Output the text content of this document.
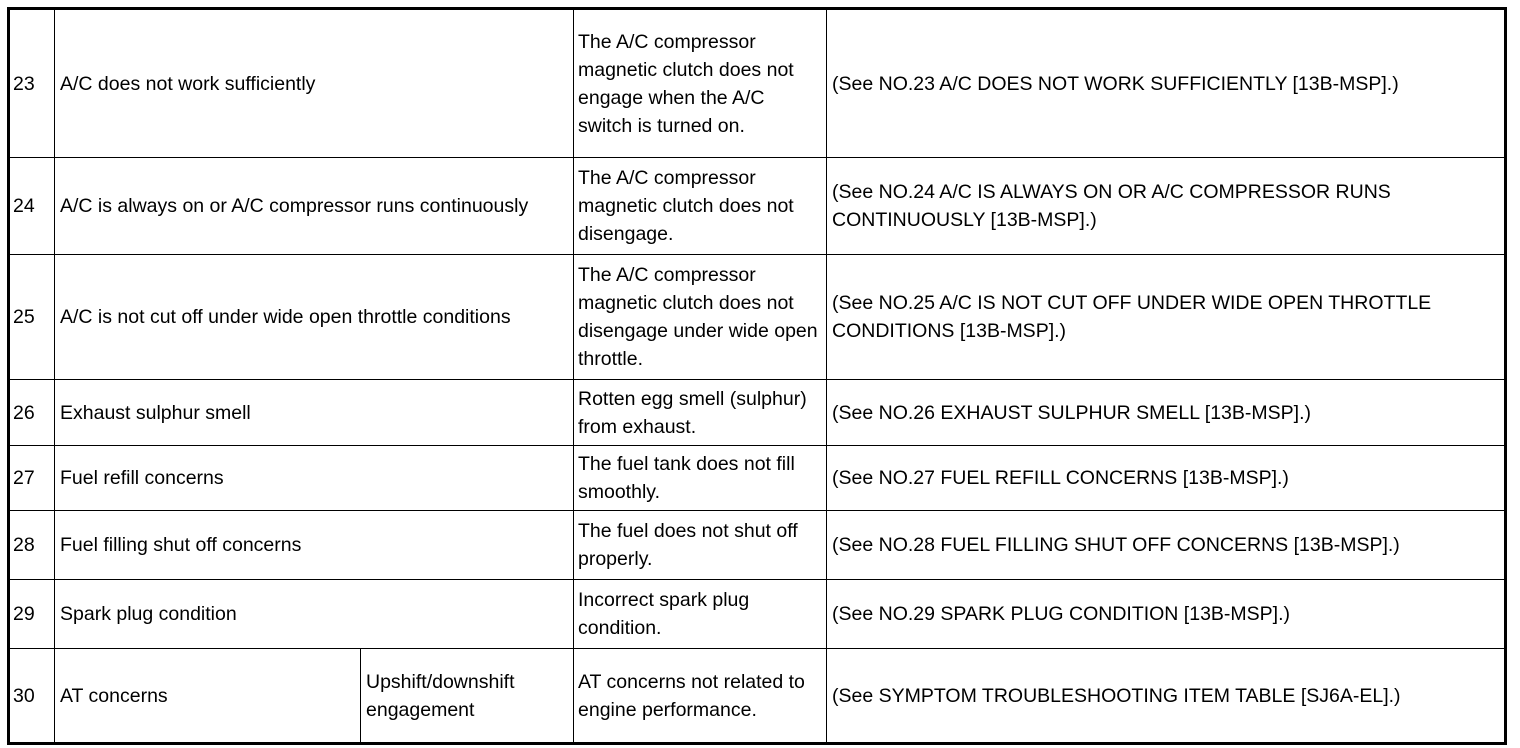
23	A/C does not work sufficiently		The A/C compressor magnetic clutch does not engage when the A/C switch is turned on.	(See NO.23 A/C DOES NOT WORK SUFFICIENTLY [13B-MSP].)
24	A/C is always on or A/C compressor runs continuously		The A/C compressor magnetic clutch does not disengage.	(See NO.24 A/C IS ALWAYS ON OR A/C COMPRESSOR RUNS CONTINUOUSLY [13B-MSP].)
25	A/C is not cut off under wide open throttle conditions		The A/C compressor magnetic clutch does not disengage under wide open throttle.	(See NO.25 A/C IS NOT CUT OFF UNDER WIDE OPEN THROTTLE CONDITIONS [13B-MSP].)
26	Exhaust sulphur smell		Rotten egg smell (sulphur) from exhaust.	(See NO.26 EXHAUST SULPHUR SMELL [13B-MSP].)
27	Fuel refill concerns		The fuel tank does not fill smoothly.	(See NO.27 FUEL REFILL CONCERNS [13B-MSP].)
28	Fuel filling shut off concerns		The fuel does not shut off properly.	(See NO.28 FUEL FILLING SHUT OFF CONCERNS [13B-MSP].)
29	Spark plug condition		Incorrect spark plug condition.	(See NO.29 SPARK PLUG CONDITION [13B-MSP].)
30	AT concerns	Upshift/downshift engagement	AT concerns not related to engine performance.	(See SYMPTOM TROUBLESHOOTING ITEM TABLE [SJ6A-EL].)
